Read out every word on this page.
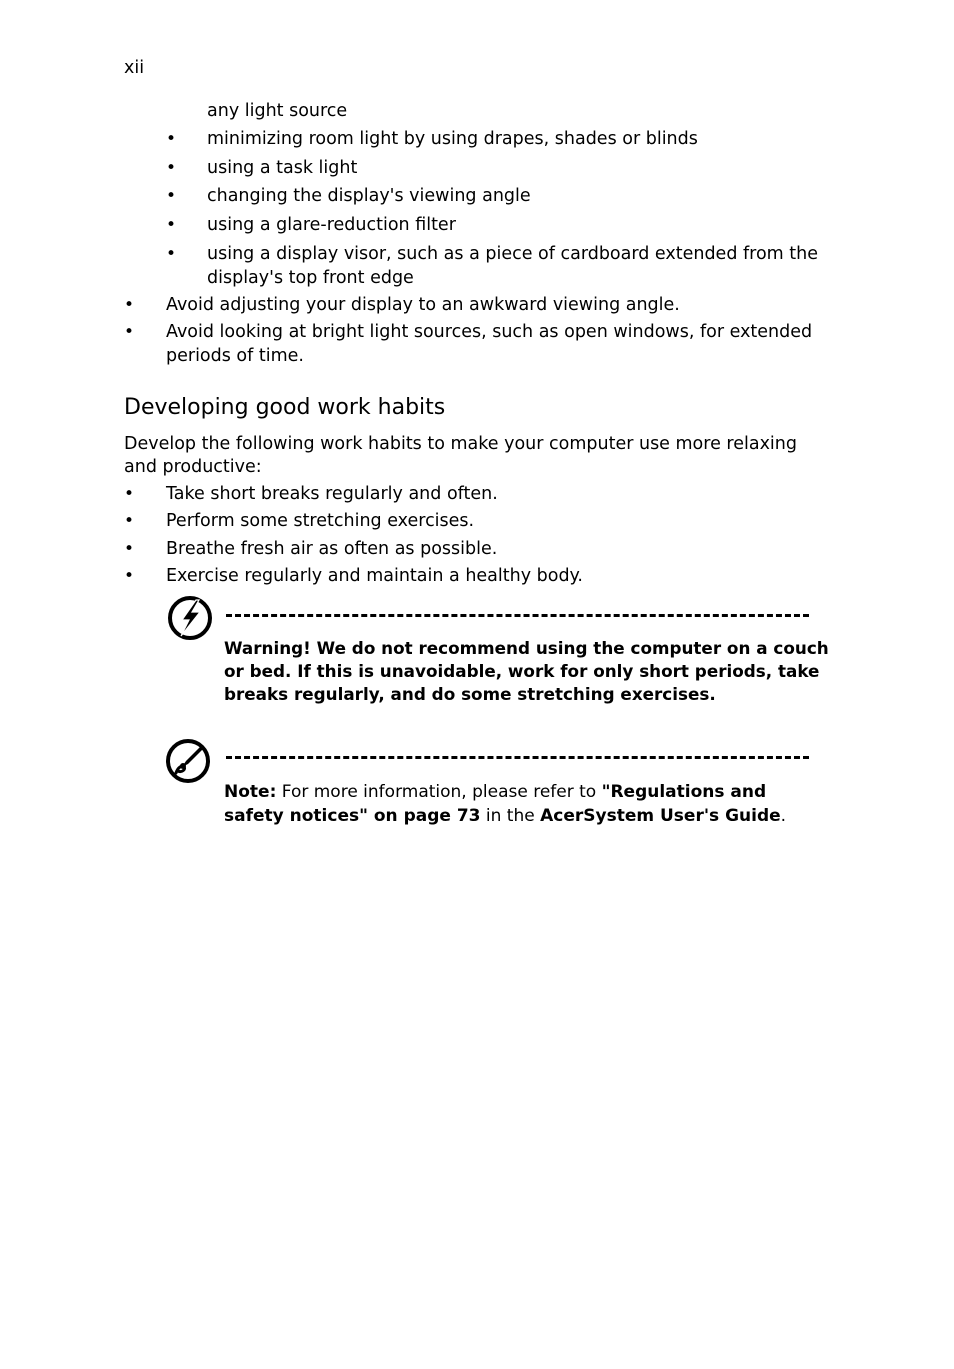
xii
any light source
• minimizing room light by using drapes, shades or blinds
• using a task light
• changing the display's viewing angle
• using a glare-reduction filter
• using a display visor, such as a piece of cardboard extended from the
display's top front edge
• Avoid adjusting your display to an awkward viewing angle.
• Avoid looking at bright light sources, such as open windows, for extended
periods of time.
Developing good work habits
Develop the following work habits to make your computer use more relaxing
and productive:
• Take short breaks regularly and often.
• Perform some stretching exercises.
• Breathe fresh air as often as possible.
• Exercise regularly and maintain a healthy body.
Warning! We do not recommend using the computer on a couch
or bed. If this is unavoidable, work for only short periods, take
breaks regularly, and do some stretching exercises.
Note: For more information, please refer to "Regulations and
safety notices" on page 73 in the AcerSystem User's Guide.
